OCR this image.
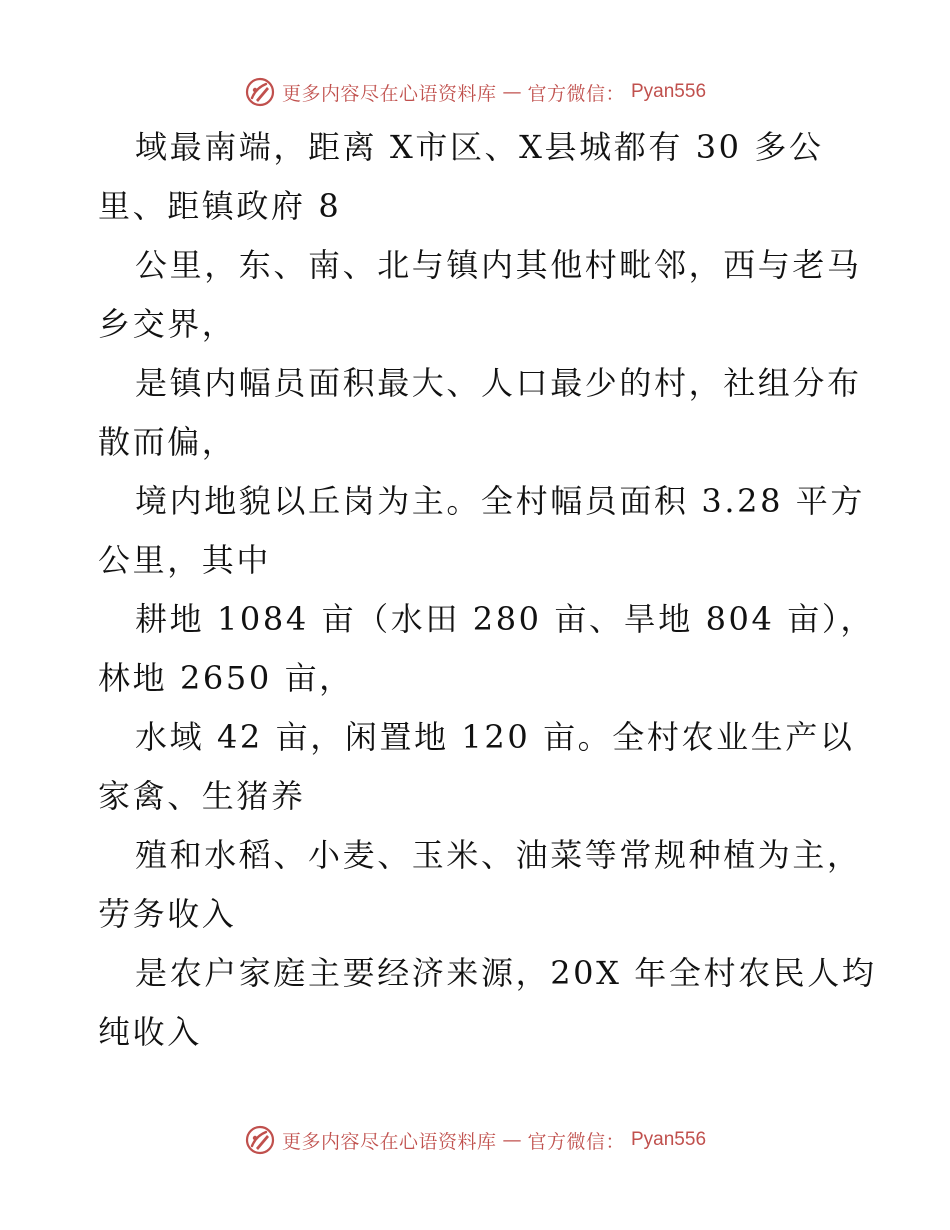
更多内容尽在心语资料库 — 官方微信： Pyan556
域最南端，距离 X市区、X县城都有 30 多公
里、距镇政府 8
公里，东、南、北与镇内其他村毗邻，西与老马
乡交界，
是镇内幅员面积最大、人口最少的村，社组分布
散而偏，
境内地貌以丘岗为主。全村幅员面积 3.28 平方
公里，其中
耕地 1084 亩（水田 280 亩、旱地 804 亩），
林地 2650 亩，
水域 42 亩，闲置地 120 亩。全村农业生产以
家禽、生猪养
殖和水稻、小麦、玉米、油菜等常规种植为主，
劳务收入
是农户家庭主要经济来源，20X 年全村农民人均
纯收入
更多内容尽在心语资料库 — 官方微信： Pyan556
